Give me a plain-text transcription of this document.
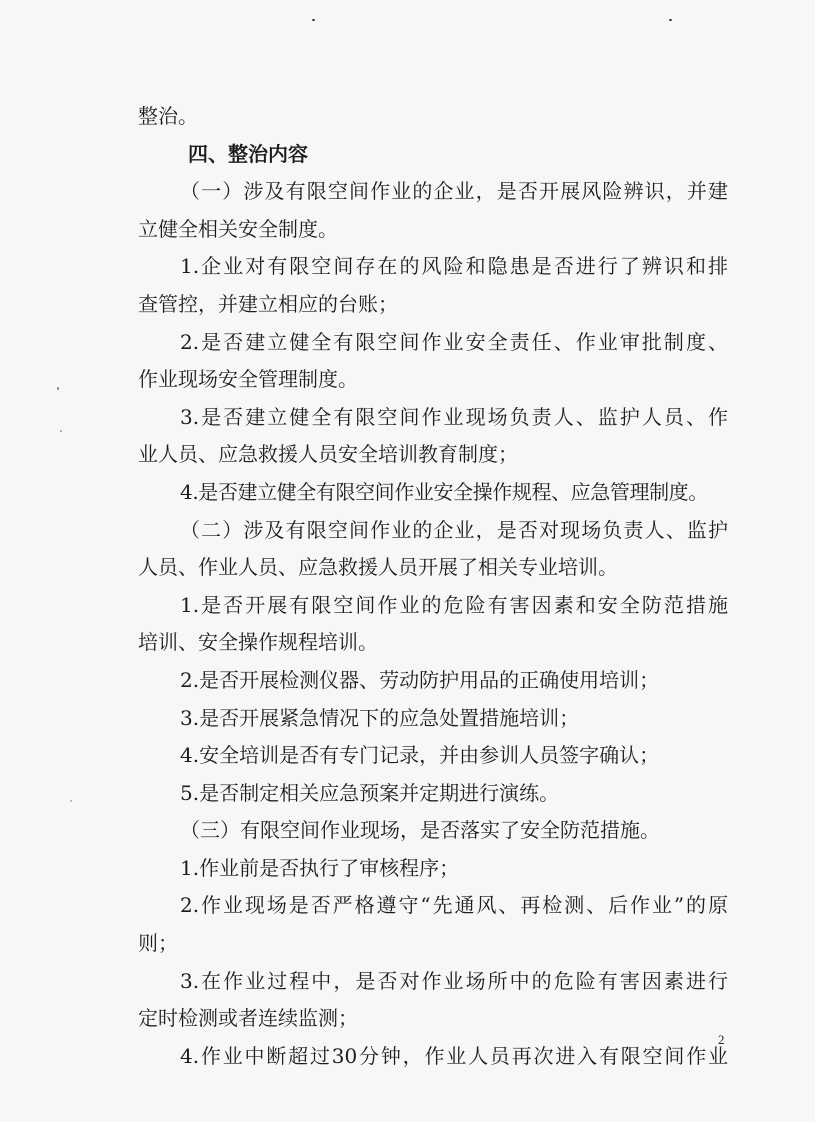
整治。
四、整治内容
（一）涉及有限空间作业的企业，是否开展风险辨识，并建
立健全相关安全制度。
1.企业对有限空间存在的风险和隐患是否进行了辨识和排
查管控，并建立相应的台账；
2.是否建立健全有限空间作业安全责任、作业审批制度、
作业现场安全管理制度。
3.是否建立健全有限空间作业现场负责人、监护人员、作
业人员、应急救援人员安全培训教育制度；
4.是否建立健全有限空间作业安全操作规程、应急管理制度。
（二）涉及有限空间作业的企业，是否对现场负责人、监护
人员、作业人员、应急救援人员开展了相关专业培训。
1.是否开展有限空间作业的危险有害因素和安全防范措施
培训、安全操作规程培训。
2.是否开展检测仪器、劳动防护用品的正确使用培训；
3.是否开展紧急情况下的应急处置措施培训；
4.安全培训是否有专门记录，并由参训人员签字确认；
5.是否制定相关应急预案并定期进行演练。
（三）有限空间作业现场，是否落实了安全防范措施。
1.作业前是否执行了审核程序；
2.作业现场是否严格遵守“先通风、再检测、后作业”的原
则；
3.在作业过程中，是否对作业场所中的危险有害因素进行
定时检测或者连续监测；
4.作业中断超过30分钟，作业人员再次进入有限空间作业
2
